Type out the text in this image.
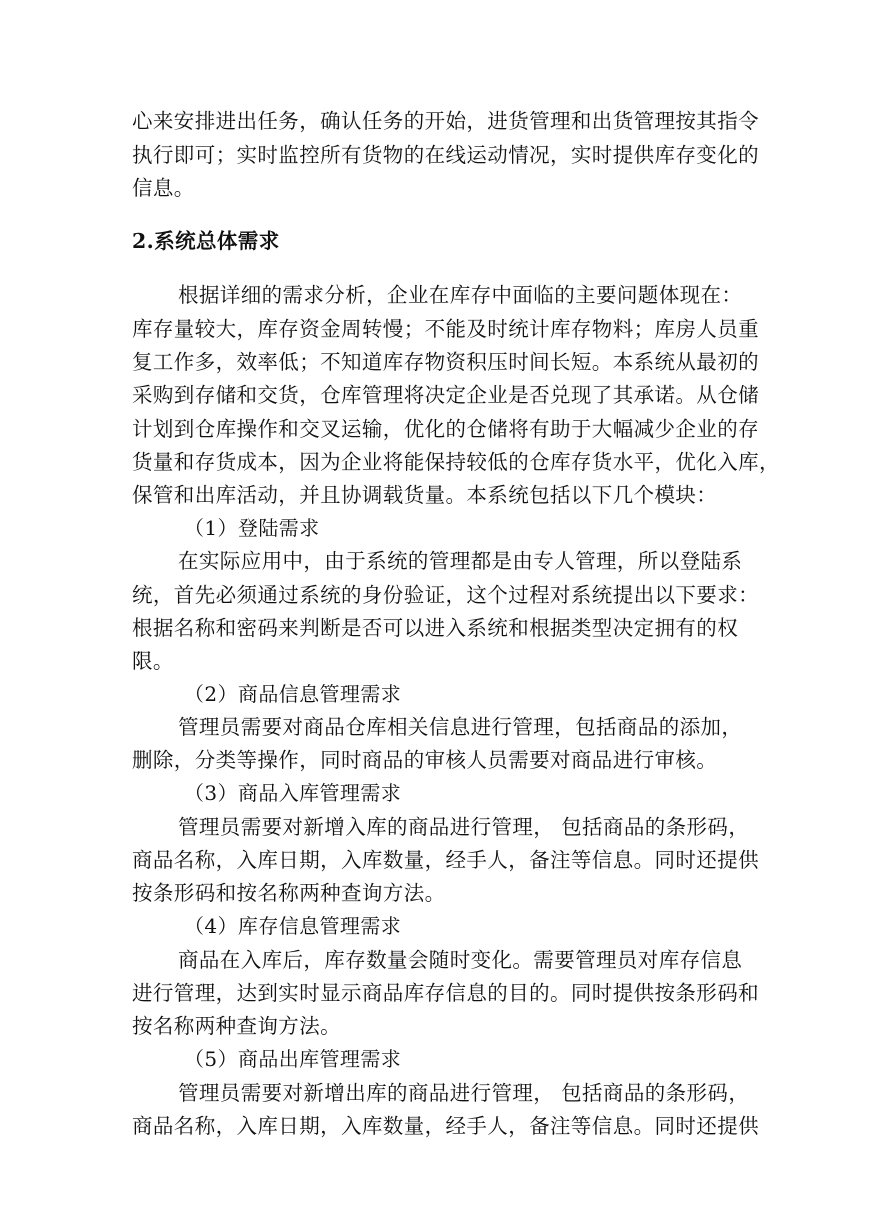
心来安排进出任务，确认任务的开始，进货管理和出货管理按其指令
执行即可；实时监控所有货物的在线运动情况，实时提供库存变化的
信息。
2.系统总体需求
根据详细的需求分析，企业在库存中面临的主要问题体现在：
库存量较大，库存资金周转慢；不能及时统计库存物料；库房人员重
复工作多，效率低；不知道库存物资积压时间长短。本系统从最初的
采购到存储和交货，仓库管理将决定企业是否兑现了其承诺。从仓储
计划到仓库操作和交叉运输，优化的仓储将有助于大幅减少企业的存
货量和存货成本，因为企业将能保持较低的仓库存货水平，优化入库，
保管和出库活动，并且协调载货量。本系统包括以下几个模块：
（1）登陆需求
在实际应用中，由于系统的管理都是由专人管理，所以登陆系
统，首先必须通过系统的身份验证，这个过程对系统提出以下要求：
根据名称和密码来判断是否可以进入系统和根据类型决定拥有的权
限。
（2）商品信息管理需求
管理员需要对商品仓库相关信息进行管理，包括商品的添加，
删除，分类等操作，同时商品的审核人员需要对商品进行审核。
（3）商品入库管理需求
管理员需要对新增入库的商品进行管理， 包括商品的条形码，
商品名称，入库日期，入库数量，经手人，备注等信息。同时还提供
按条形码和按名称两种查询方法。
（4）库存信息管理需求
商品在入库后，库存数量会随时变化。需要管理员对库存信息
进行管理，达到实时显示商品库存信息的目的。同时提供按条形码和
按名称两种查询方法。
（5）商品出库管理需求
管理员需要对新增出库的商品进行管理， 包括商品的条形码，
商品名称，入库日期，入库数量，经手人，备注等信息。同时还提供
